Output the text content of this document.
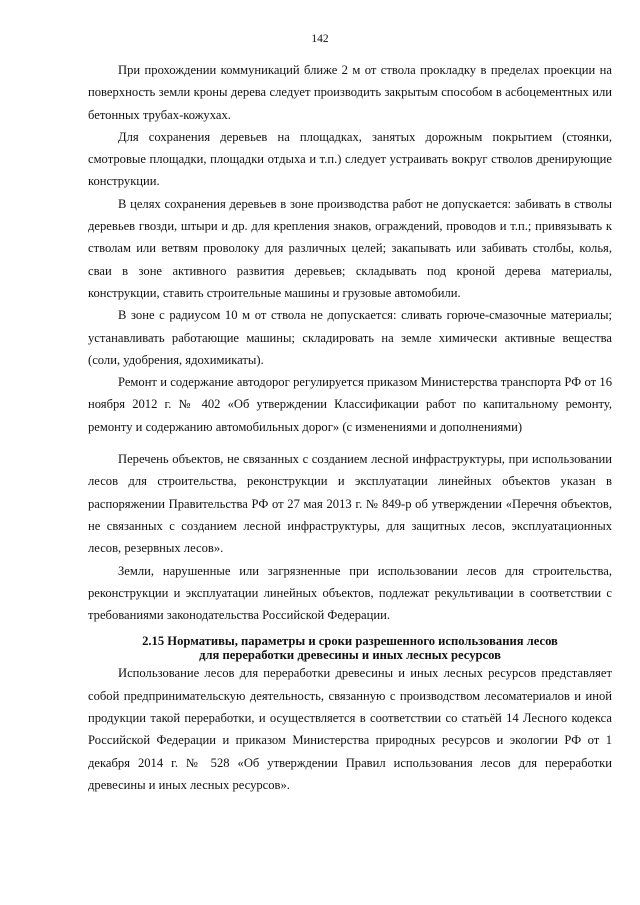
142

При прохождении коммуникаций ближе 2 м от ствола прокладку в пределах проекции на поверхность земли кроны дерева следует производить закрытым способом в асбоцементных или бетонных трубах-кожухах.

Для сохранения деревьев на площадках, занятых дорожным покрытием (стоянки, смотровые площадки, площадки отдыха и т.п.) следует устраивать вокруг стволов дренирующие конструкции.

В целях сохранения деревьев в зоне производства работ не допускается: забивать в стволы деревьев гвозди, штыри и др. для крепления знаков, ограждений, проводов и т.п.; привязывать к стволам или ветвям проволоку для различных целей; закапывать или забивать столбы, колья, сваи в зоне активного развития деревьев; складывать под кроной дерева материалы, конструкции, ставить строительные машины и грузовые автомобили.

В зоне с радиусом 10 м от ствола не допускается: сливать горюче-смазочные материалы; устанавливать работающие машины; складировать на земле химически активные вещества (соли, удобрения, ядохимикаты).

Ремонт и содержание автодорог регулируется приказом Министерства транспорта РФ от 16 ноября 2012 г. № 402 «Об утверждении Классификации работ по капитальному ремонту, ремонту и содержанию автомобильных дорог» (с изменениями и дополнениями)

Перечень объектов, не связанных с созданием лесной инфраструктуры, при использовании лесов для строительства, реконструкции и эксплуатации линейных объектов указан в распоряжении Правительства РФ от 27 мая 2013 г. № 849-р об утверждении «Перечня объектов, не связанных с созданием лесной инфраструктуры, для защитных лесов, эксплуатационных лесов, резервных лесов».

Земли, нарушенные или загрязненные при использовании лесов для строительства, реконструкции и эксплуатации линейных объектов, подлежат рекультивации в соответствии с требованиями законодательства Российской Федерации.

2.15 Нормативы, параметры и сроки разрешенного использования лесов
для переработки древесины и иных лесных ресурсов

Использование лесов для переработки древесины и иных лесных ресурсов представляет собой предпринимательскую деятельность, связанную с производством лесоматериалов и иной продукции такой переработки, и осуществляется в соответствии со статьёй 14 Лесного кодекса Российской Федерации и приказом Министерства природных ресурсов и экологии РФ от 1 декабря 2014 г. № 528 «Об утверждении Правил использования лесов для переработки древесины и иных лесных ресурсов».
